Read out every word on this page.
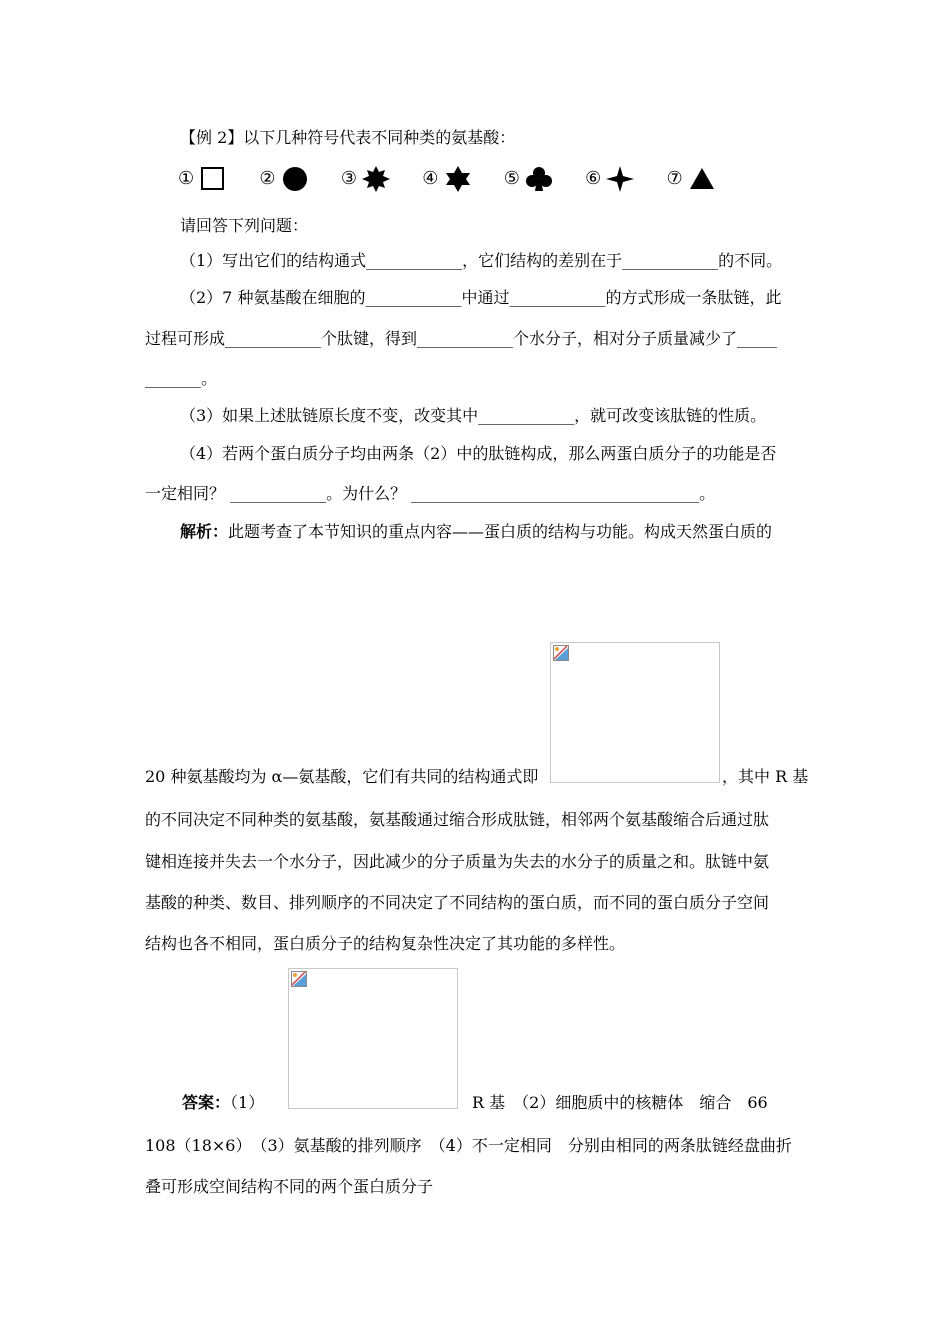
【例 2】以下几种符号代表不同种类的氨基酸：
①	②	③	④	⑤	⑥	⑦
请回答下列问题：
（1）写出它们的结构通式____________，它们结构的差别在于____________的不同。
（2）7 种氨基酸在细胞的____________中通过____________的方式形成一条肽链，此
过程可形成____________个肽键，得到____________个水分子，相对分子质量减少了_____
_______。
（3）如果上述肽链原长度不变，改变其中____________，就可改变该肽链的性质。
（4）若两个蛋白质分子均由两条（2）中的肽链构成，那么两蛋白质分子的功能是否
一定相同？ ____________。为什么？ ____________________________________。
解析：此题考查了本节知识的重点内容——蛋白质的结构与功能。构成天然蛋白质的
20 种氨基酸均为 α—氨基酸，它们有共同的结构通式即	，其中 R 基
的不同决定不同种类的氨基酸，氨基酸通过缩合形成肽链，相邻两个氨基酸缩合后通过肽
键相连接并失去一个水分子，因此减少的分子质量为失去的水分子的质量之和。肽链中氨
基酸的种类、数目、排列顺序的不同决定了不同结构的蛋白质，而不同的蛋白质分子空间
结构也各不相同，蛋白质分子的结构复杂性决定了其功能的多样性。
答案：（1）	R 基　（2）细胞质中的核糖体　缩合　66
108（18×6）　（3）氨基酸的排列顺序　（4）不一定相同　分别由相同的两条肽链经盘曲折
叠可形成空间结构不同的两个蛋白质分子
